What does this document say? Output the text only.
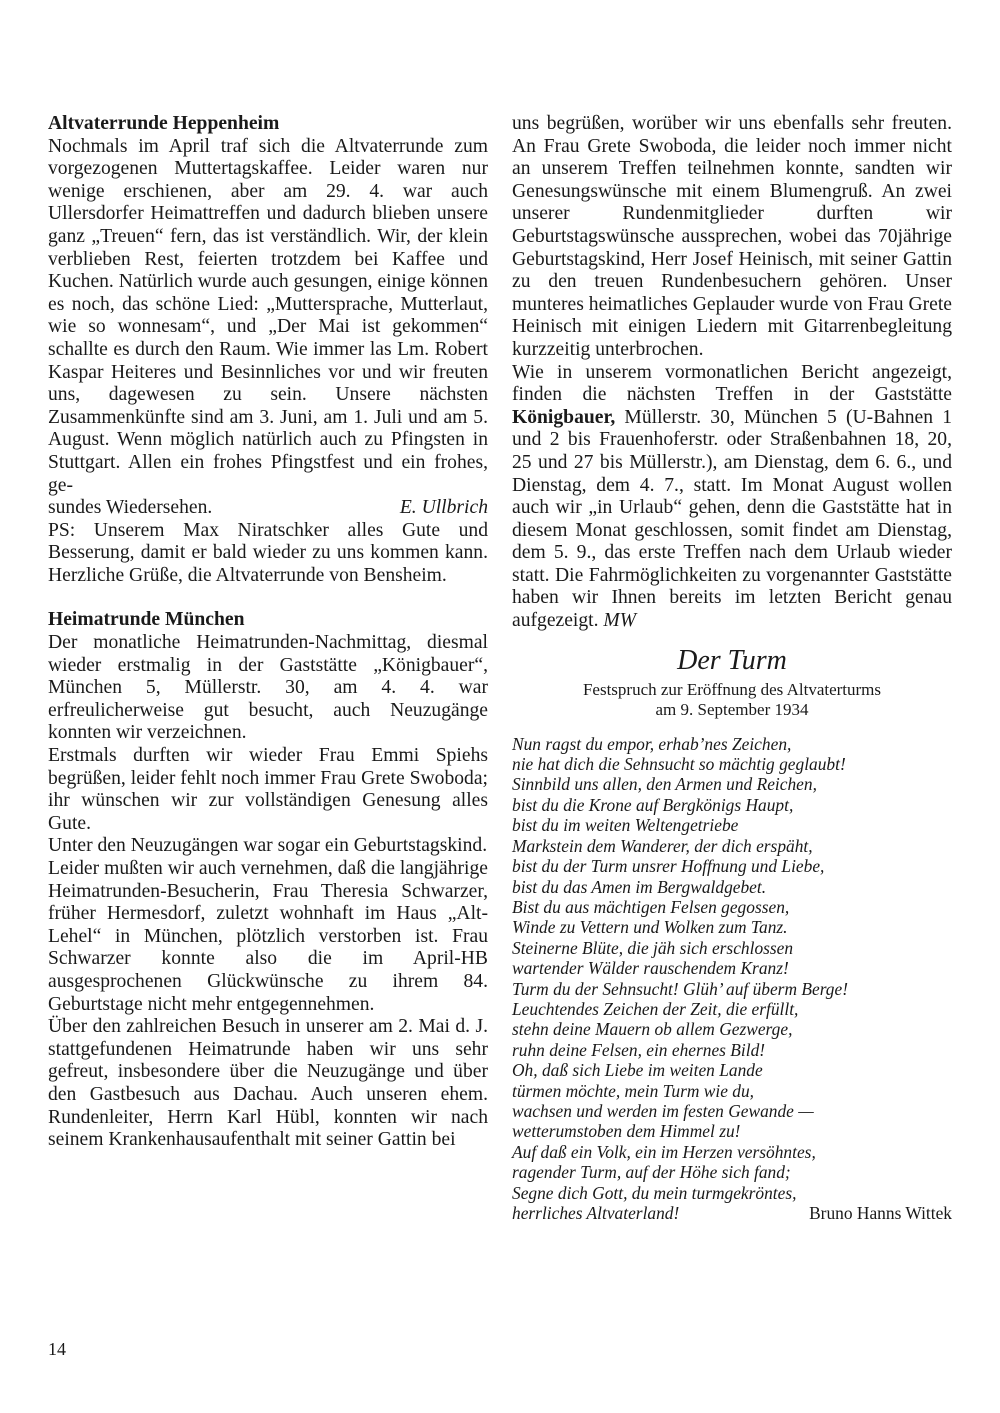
Altvaterrunde Heppenheim

Nochmals im April traf sich die Altvaterrunde zum vorgezogenen Muttertagskaffee. Leider waren nur wenige erschienen, aber am 29. 4. war auch Ullersdorfer Heimattreffen und dadurch blieben unsere ganz „Treuen“ fern, das ist verständlich. Wir, der klein verblieben Rest, feierten trotzdem bei Kaffee und Kuchen. Natürlich wurde auch gesungen, einige können es noch, das schöne Lied: „Muttersprache, Mutterlaut, wie so wonnesam“, und „Der Mai ist gekommen“ schallte es durch den Raum. Wie immer las Lm. Robert Kaspar Heiteres und Besinnliches vor und wir freuten uns, dagewesen zu sein. Unsere nächsten Zusammenkünfte sind am 3. Juni, am 1. Juli und am 5. August. Wenn möglich natürlich auch zu Pfingsten in Stuttgart. Allen ein frohes Pfingstfest und ein frohes, ge-

sundes Wiedersehen.	E. Ullbrich

PS: Unserem Max Niratschker alles Gute und Besserung, damit er bald wieder zu uns kommen kann. Herzliche Grüße, die Altvaterrunde von Bensheim.

Heimatrunde München

Der monatliche Heimatrunden-Nachmittag, diesmal wieder erstmalig in der Gaststätte „Königbauer“, München 5, Müllerstr. 30, am 4. 4. war erfreulicherweise gut besucht, auch Neuzugänge konnten wir verzeichnen.

Erstmals durften wir wieder Frau Emmi Spiehs begrüßen, leider fehlt noch immer Frau Grete Swoboda; ihr wünschen wir zur vollständigen Genesung alles Gute.

Unter den Neuzugängen war sogar ein Geburtstagskind.

Leider mußten wir auch vernehmen, daß die langjährige Heimatrunden-Besucherin, Frau Theresia Schwarzer, früher Hermesdorf, zuletzt wohnhaft im Haus „Alt-Lehel“ in München, plötzlich verstorben ist. Frau Schwarzer konnte also die im April-HB ausgesprochenen Glückwünsche zu ihrem 84. Geburtstage nicht mehr entgegennehmen.

Über den zahlreichen Besuch in unserer am 2. Mai d. J. stattgefundenen Heimatrunde haben wir uns sehr gefreut, insbesondere über die Neuzugänge und über den Gastbesuch aus Dachau. Auch unseren ehem. Rundenleiter, Herrn Karl Hübl, konnten wir nach seinem Krankenhausaufenthalt mit seiner Gattin bei

uns begrüßen, worüber wir uns ebenfalls sehr freuten. An Frau Grete Swoboda, die leider noch immer nicht an unserem Treffen teilnehmen konnte, sandten wir Genesungswünsche mit einem Blumengruß. An zwei unserer Rundenmitglieder durften wir Geburtstagswünsche aussprechen, wobei das 70jährige Geburtstagskind, Herr Josef Heinisch, mit seiner Gattin zu den treuen Rundenbesuchern gehören. Unser munteres heimatliches Geplauder wurde von Frau Grete Heinisch mit einigen Liedern mit Gitarrenbegleitung kurzzeitig unterbrochen.

Wie in unserem vormonatlichen Bericht angezeigt, finden die nächsten Treffen in der Gaststätte Königbauer, Müllerstr. 30, München 5 (U-Bahnen 1 und 2 bis Frauenhoferstr. oder Straßenbahnen 18, 20, 25 und 27 bis Müllerstr.), am Dienstag, dem 6. 6., und Dienstag, dem 4. 7., statt. Im Monat August wollen auch wir „in Urlaub“ gehen, denn die Gaststätte hat in diesem Monat geschlossen, somit findet am Dienstag, dem 5. 9., das erste Treffen nach dem Urlaub wieder statt. Die Fahrmöglichkeiten zu vorgenannter Gaststätte haben wir Ihnen bereits im letzten Bericht genau aufgezeigt. MW

Der Turm
Festspruch zur Eröffnung des Altvaterturms
am 9. September 1934
Nun ragst du empor, erhab’nes Zeichen,
nie hat dich die Sehnsucht so mächtig geglaubt!
Sinnbild uns allen, den Armen und Reichen,
bist du die Krone auf Bergkönigs Haupt,
bist du im weiten Weltengetriebe
Markstein dem Wanderer, der dich erspäht,
bist du der Turm unsrer Hoffnung und Liebe,
bist du das Amen im Bergwaldgebet.
Bist du aus mächtigen Felsen gegossen,
Winde zu Vettern und Wolken zum Tanz.
Steinerne Blüte, die jäh sich erschlossen
wartender Wälder rauschendem Kranz!
Turm du der Sehnsucht! Glüh’ auf überm Berge!
Leuchtendes Zeichen der Zeit, die erfüllt,
stehn deine Mauern ob allem Gezwerge,
ruhn deine Felsen, ein ehernes Bild!
Oh, daß sich Liebe im weiten Lande
türmen möchte, mein Turm wie du,
wachsen und werden im festen Gewande —
wetterumstoben dem Himmel zu!
Auf daß ein Volk, ein im Herzen versöhntes,
ragender Turm, auf der Höhe sich fand;
Segne dich Gott, du mein turmgekröntes,
herrliches Altvaterland!	Bruno Hanns Wittek
14
